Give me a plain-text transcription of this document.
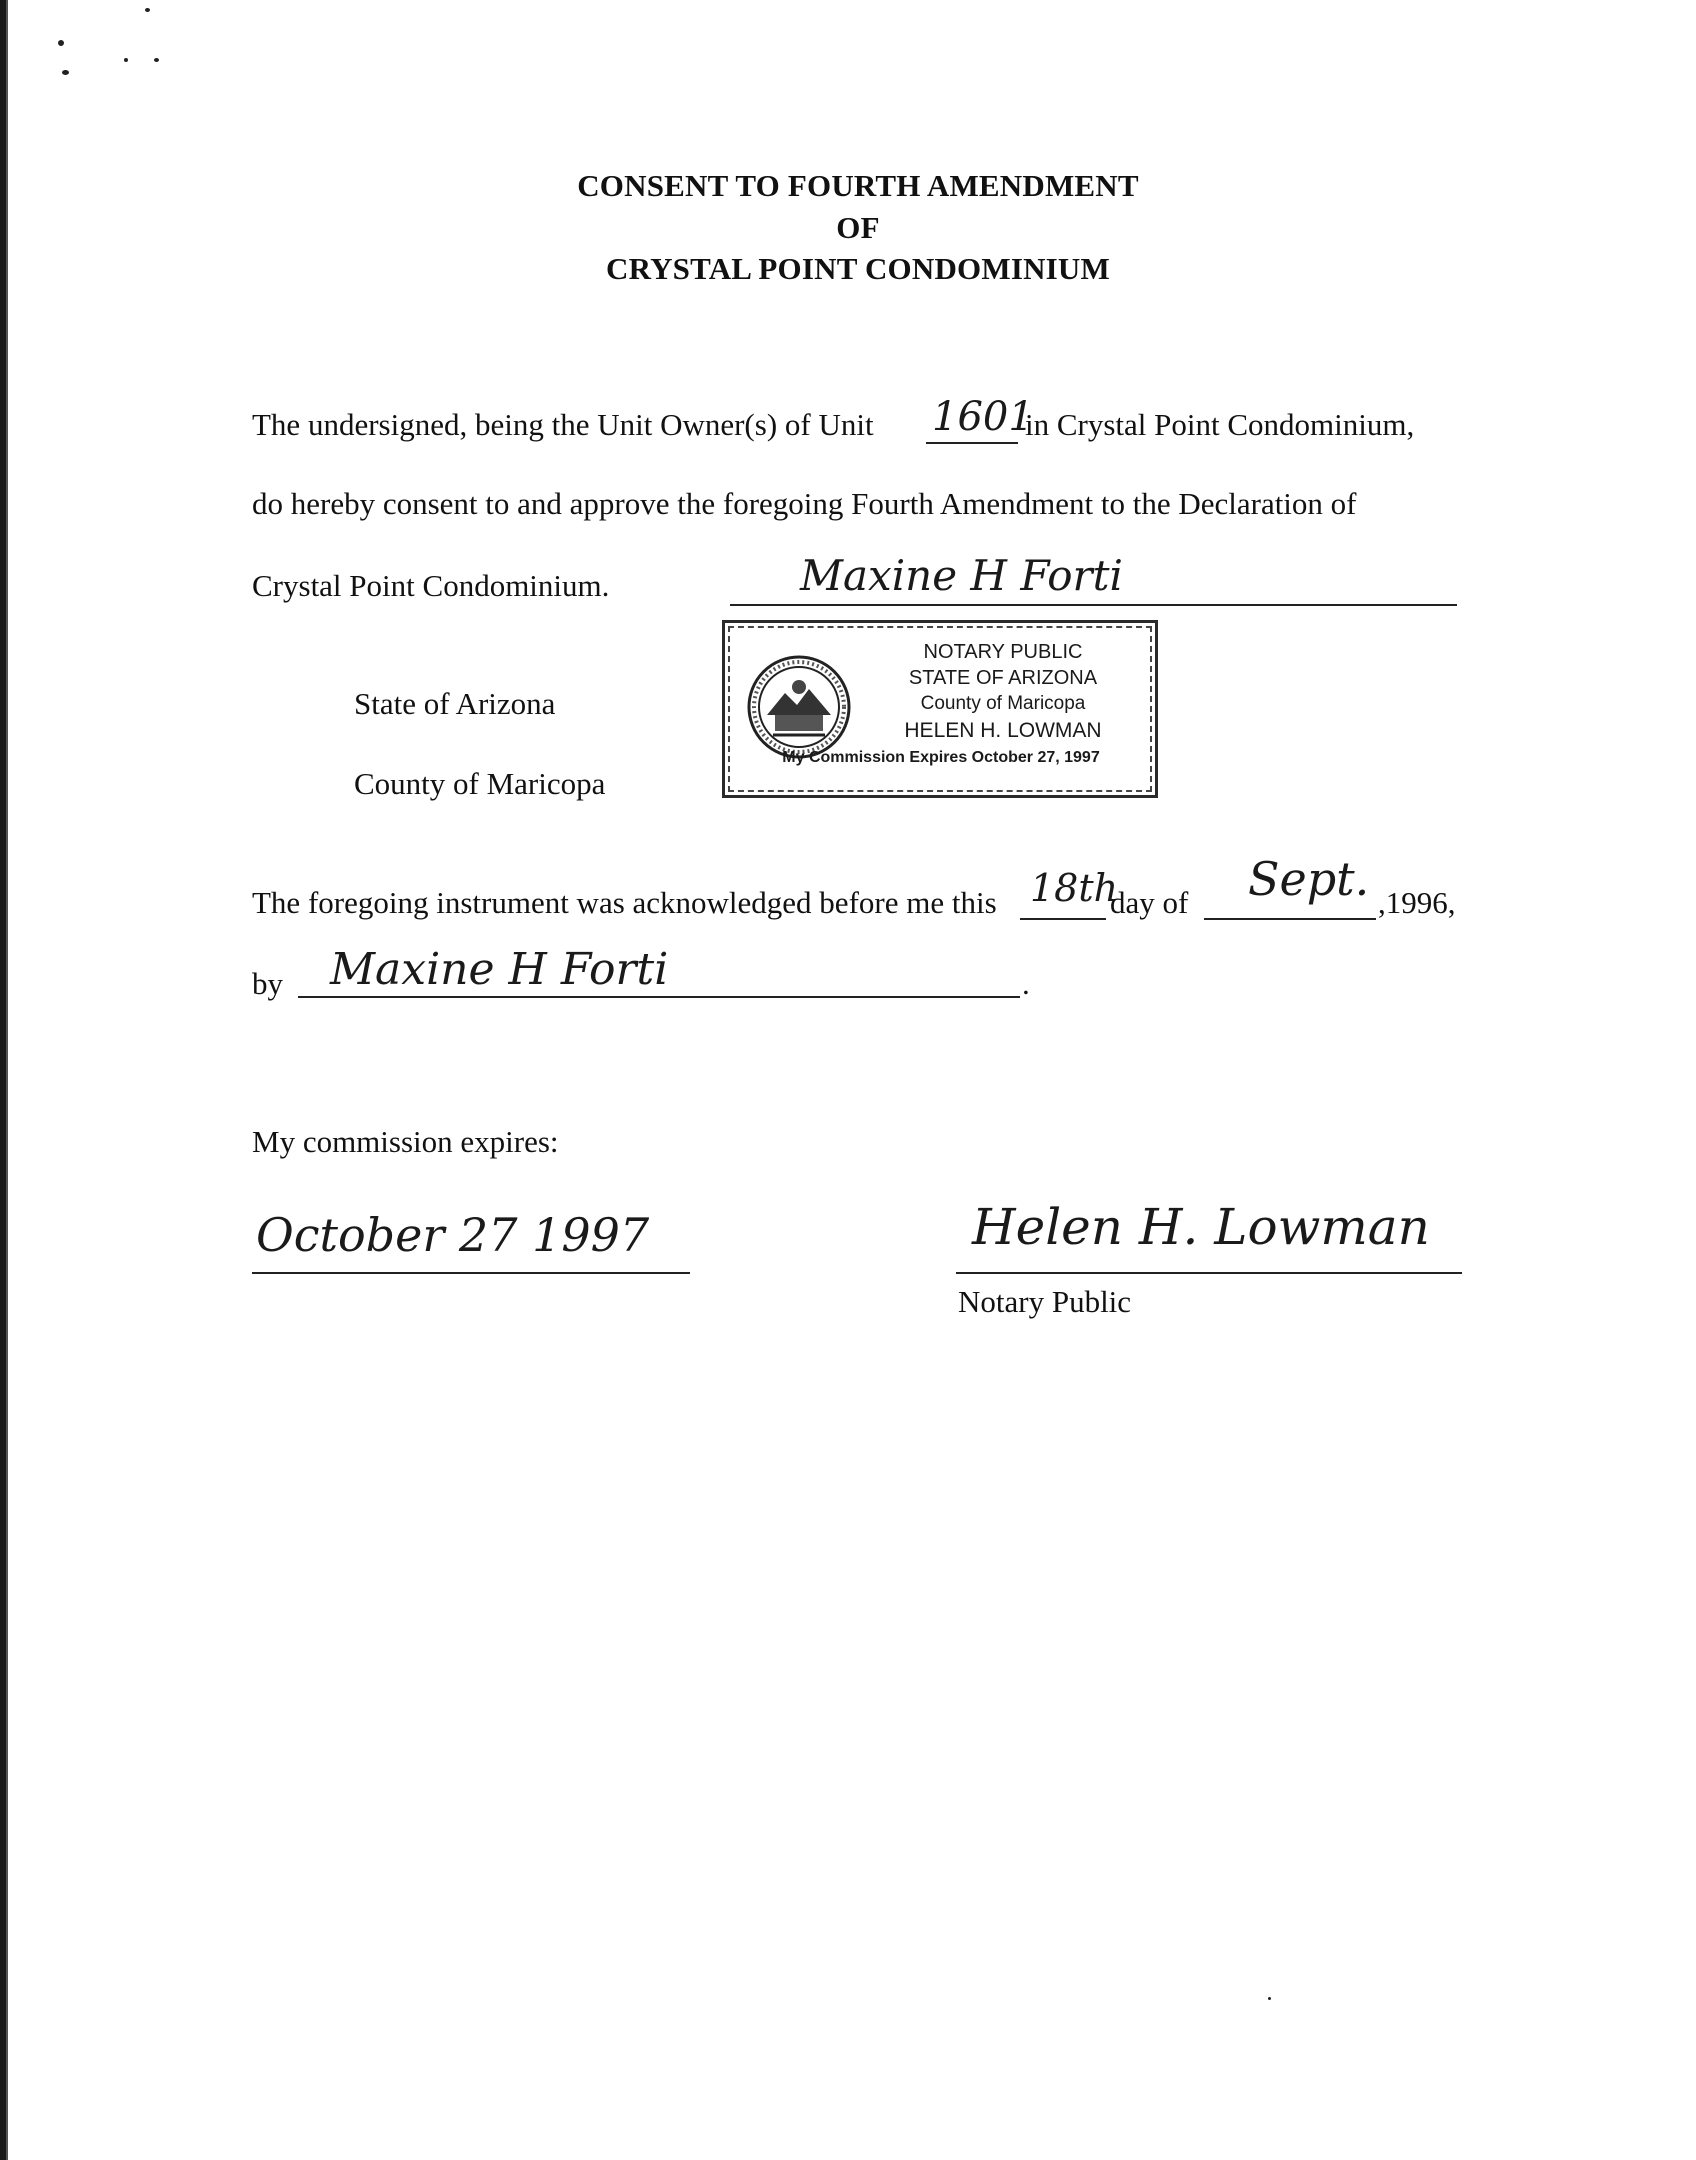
CONSENT TO FOURTH AMENDMENT
OF
CRYSTAL POINT CONDOMINIUM
The undersigned, being the Unit Owner(s) of Unit 1601
in Crystal Point Condominium,
do hereby consent to and approve the foregoing Fourth Amendment to the Declaration of
Crystal Point Condominium.	Maxine H Forti
State of Arizona
County of Maricopa
NOTARY PUBLIC
STATE OF ARIZONA
County of Maricopa
HELEN H. LOWMAN
My Commission Expires October 27, 1997
The foregoing instrument was acknowledged before me this 18th
day of Sept. ,1996,
by Maxine H Forti	.
My commission expires:
October 27 1997	Helen H. Lowman
Notary Public
